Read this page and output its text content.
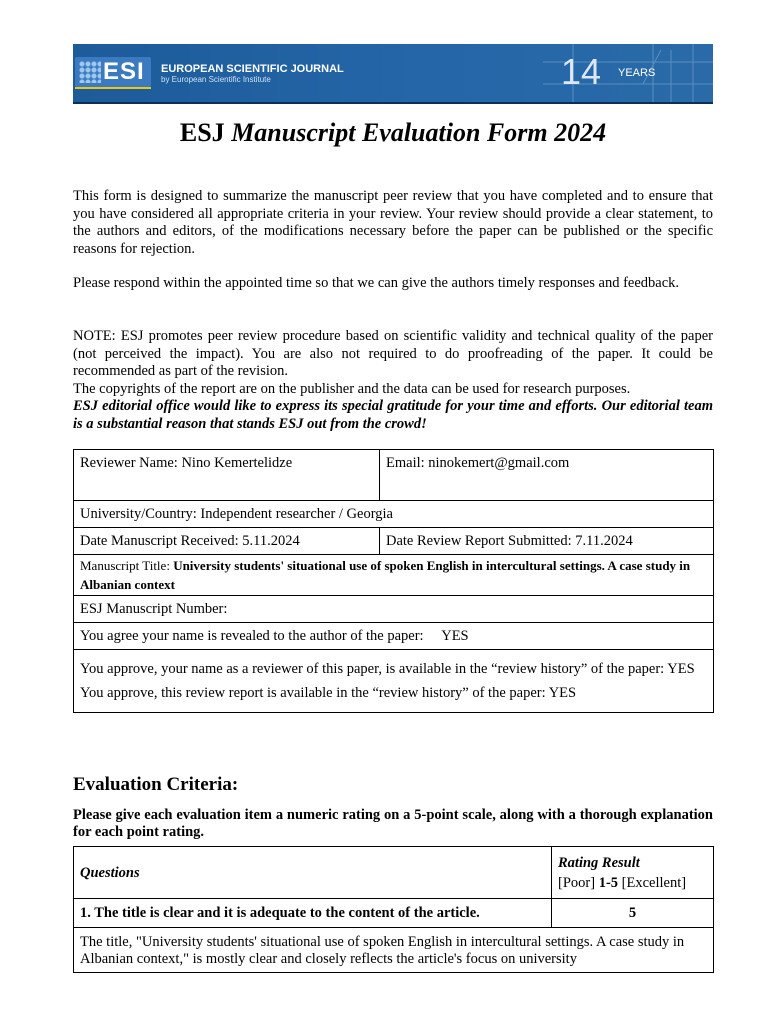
ESI EUROPEAN SCIENTIFIC JOURNAL
by European Scientific Institute	14 YEARS
ESJ Manuscript Evaluation Form 2024
This form is designed to summarize the manuscript peer review that you have completed and to ensure that you have considered all appropriate criteria in your review. Your review should provide a clear statement, to the authors and editors, of the modifications necessary before the paper can be published or the specific reasons for rejection.
Please respond within the appointed time so that we can give the authors timely responses and feedback.
NOTE: ESJ promotes peer review procedure based on scientific validity and technical quality of the paper (not perceived the impact). You are also not required to do proofreading of the paper. It could be recommended as part of the revision.
The copyrights of the report are on the publisher and the data can be used for research purposes.
ESJ editorial office would like to express its special gratitude for your time and efforts. Our editorial team is a substantial reason that stands ESJ out from the crowd!
Reviewer Name: Nino Kemertelidze	Email: ninokemert@gmail.com
University/Country: Independent researcher / Georgia	
Date Manuscript Received: 5.11.2024	Date Review Report Submitted: 7.11.2024
Manuscript Title: University students' situational use of spoken English in intercultural settings. A case study in Albanian context	
ESJ Manuscript Number:	
You agree your name is revealed to the author of the paper: YES	

You approve, your name as a reviewer of this paper, is available in the “review history” of the paper: YES

You approve, this review report is available in the “review history” of the paper: YES	

Evaluation Criteria:
Please give each evaluation item a numeric rating on a 5-point scale, along with a thorough explanation for each point rating.
Questions	Rating Result
[Poor] 1-5 [Excellent]
1. The title is clear and it is adequate to the content of the article.	5
The title, "University students' situational use of spoken English in intercultural settings. A case study in Albanian context," is mostly clear and closely reflects the article's focus on university	
